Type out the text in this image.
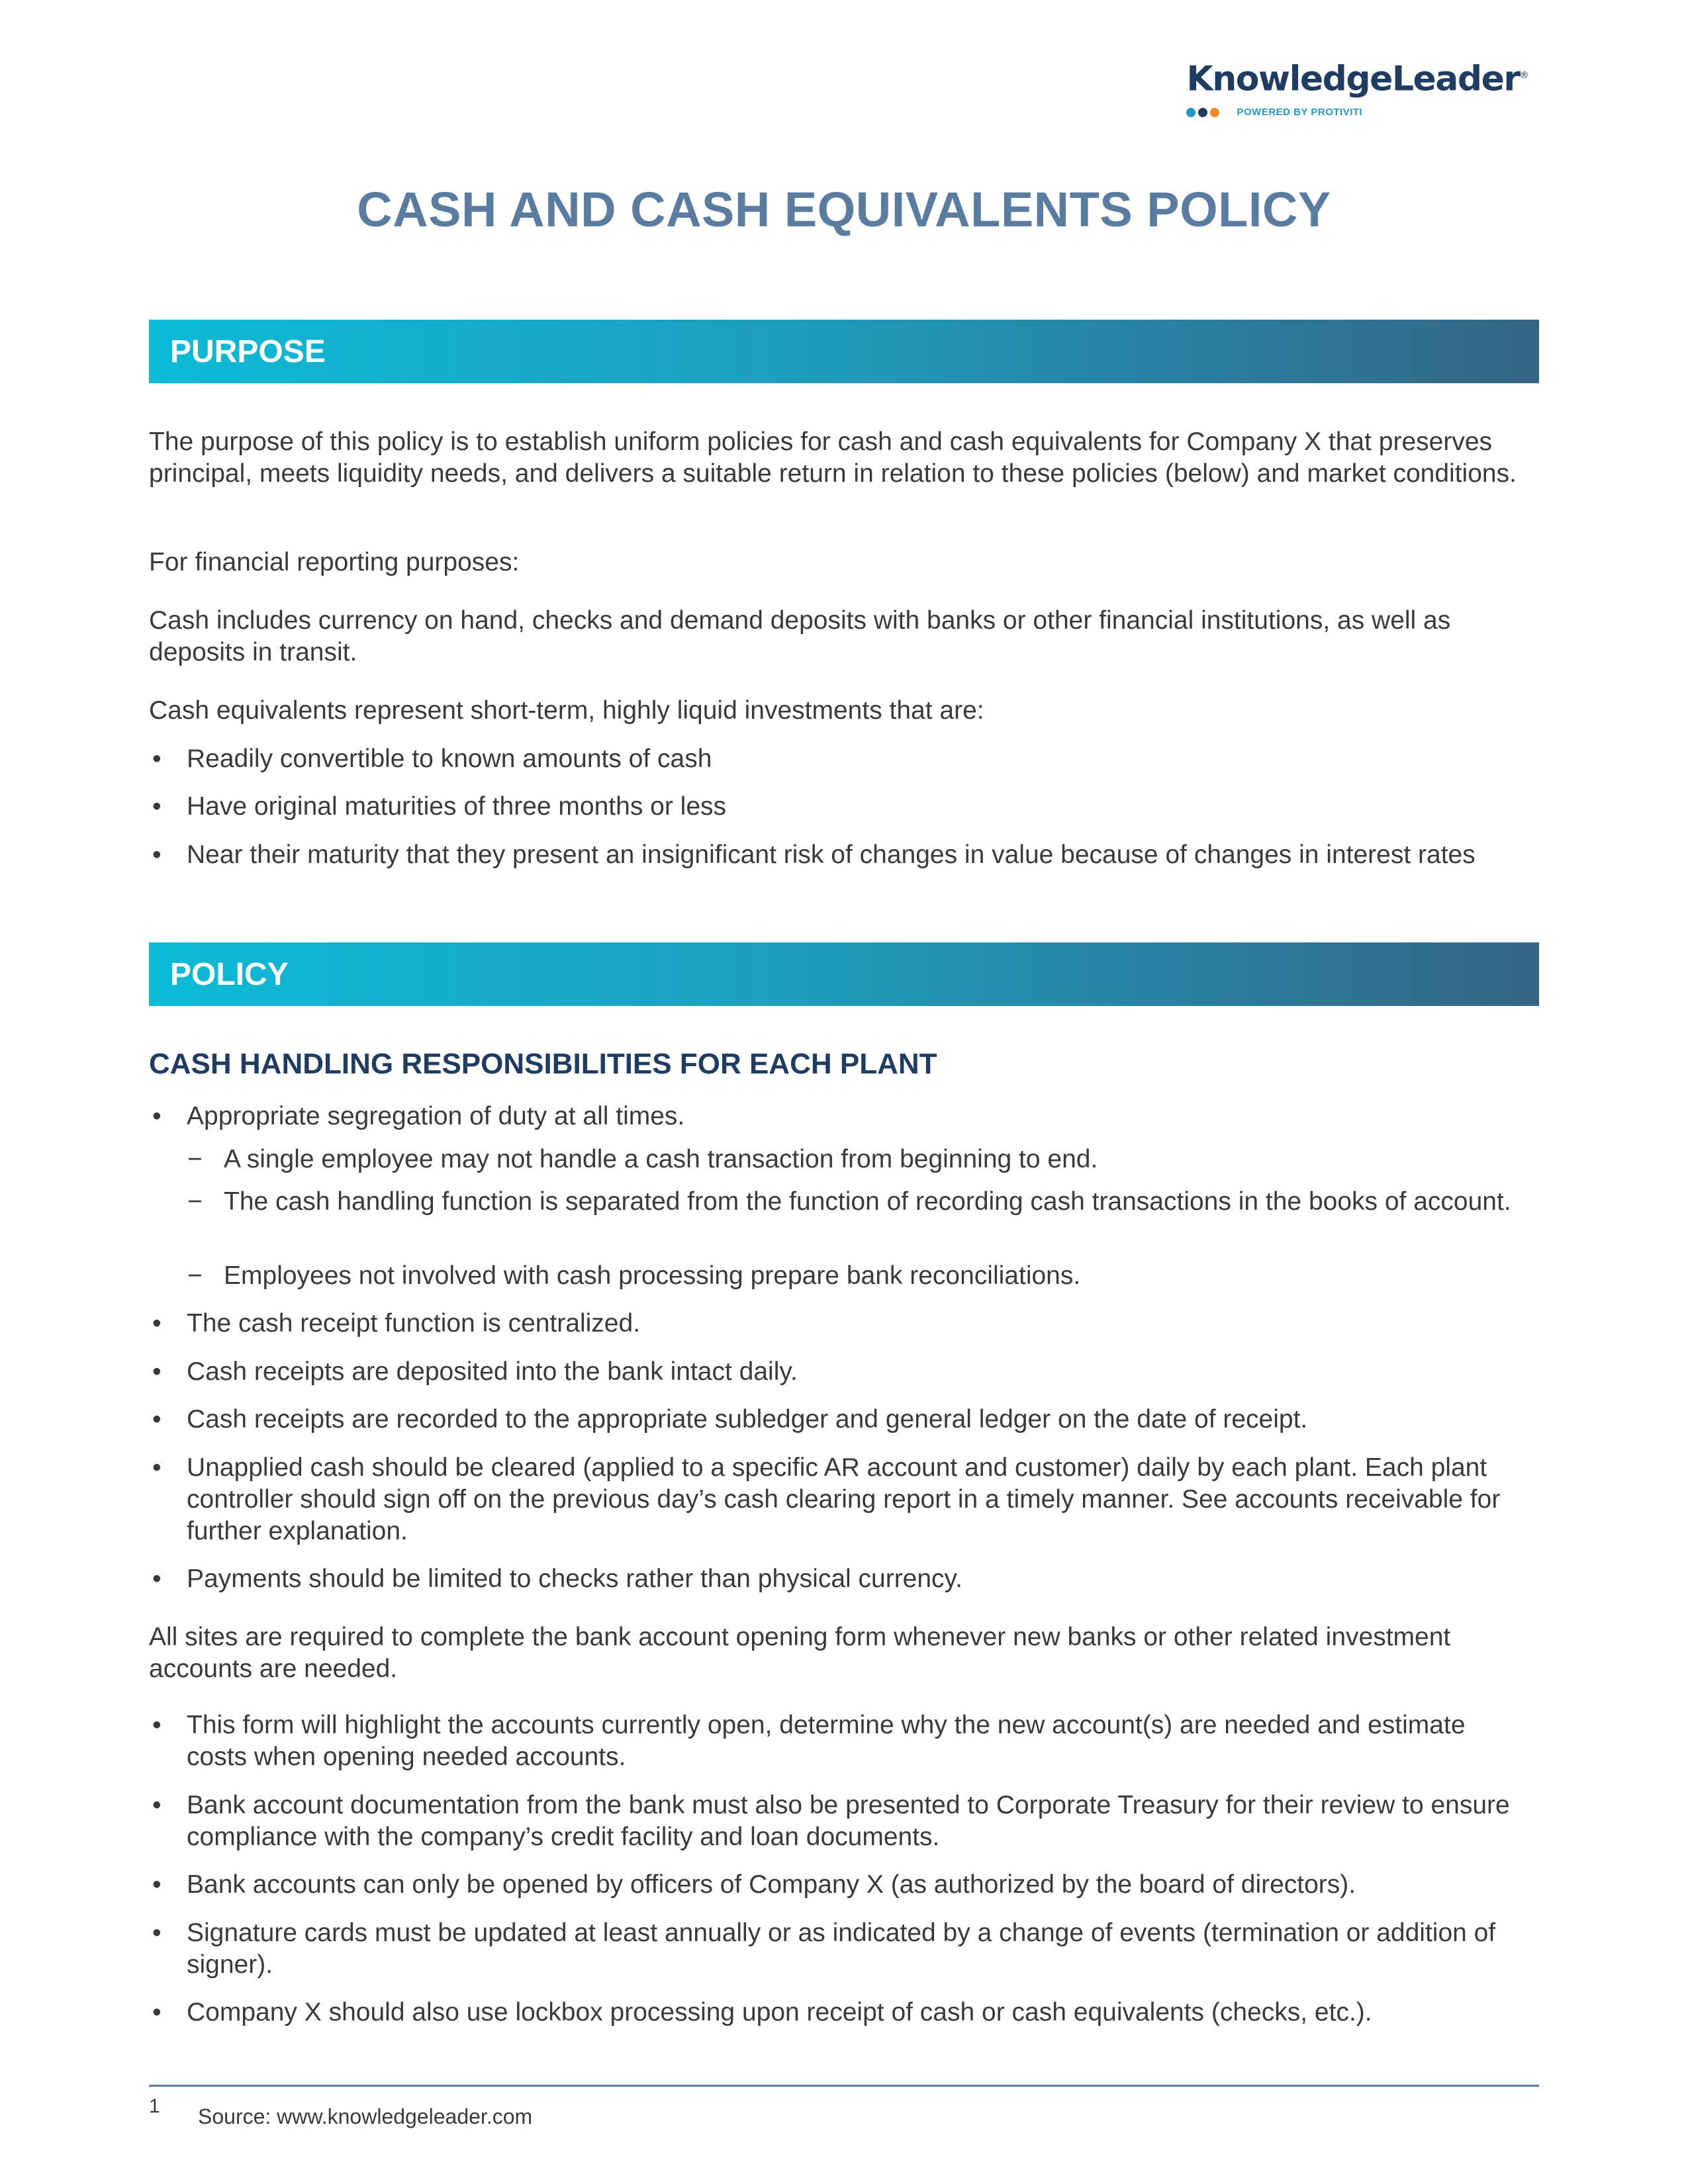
KnowledgeLeader®
POWERED BY PROTIVITI
CASH AND CASH EQUIVALENTS POLICY
PURPOSE

The purpose of this policy is to establish uniform policies for cash and cash equivalents for Company X that preserves principal, meets liquidity needs, and delivers a suitable return in relation to these policies (below) and market conditions.

For financial reporting purposes:

Cash includes currency on hand, checks and demand deposits with banks or other financial institutions, as well as deposits in transit.

Cash equivalents represent short-term, highly liquid investments that are:

• Readily convertible to known amounts of cash
• Have original maturities of three months or less
• Near their maturity that they present an insignificant risk of changes in value because of changes in interest rates
POLICY
CASH HANDLING RESPONSIBILITIES FOR EACH PLANT
• Appropriate segregation of duty at all times.
− A single employee may not handle a cash transaction from beginning to end.
− The cash handling function is separated from the function of recording cash transactions in the books of account.
− Employees not involved with cash processing prepare bank reconciliations.
• The cash receipt function is centralized.
• Cash receipts are deposited into the bank intact daily.
• Cash receipts are recorded to the appropriate subledger and general ledger on the date of receipt.
• Unapplied cash should be cleared (applied to a specific AR account and customer) daily by each plant. Each plant controller should sign off on the previous day’s cash clearing report in a timely manner. See accounts receivable for further explanation.
• Payments should be limited to checks rather than physical currency.

All sites are required to complete the bank account opening form whenever new banks or other related investment accounts are needed.

• This form will highlight the accounts currently open, determine why the new account(s) are needed and estimate costs when opening needed accounts.
• Bank account documentation from the bank must also be presented to Corporate Treasury for their review to ensure compliance with the company’s credit facility and loan documents.
• Bank accounts can only be opened by officers of Company X (as authorized by the board of directors).
• Signature cards must be updated at least annually or as indicated by a change of events (termination or addition of signer).
• Company X should also use lockbox processing upon receipt of cash or cash equivalents (checks, etc.).
1 Source: www.knowledgeleader.com
